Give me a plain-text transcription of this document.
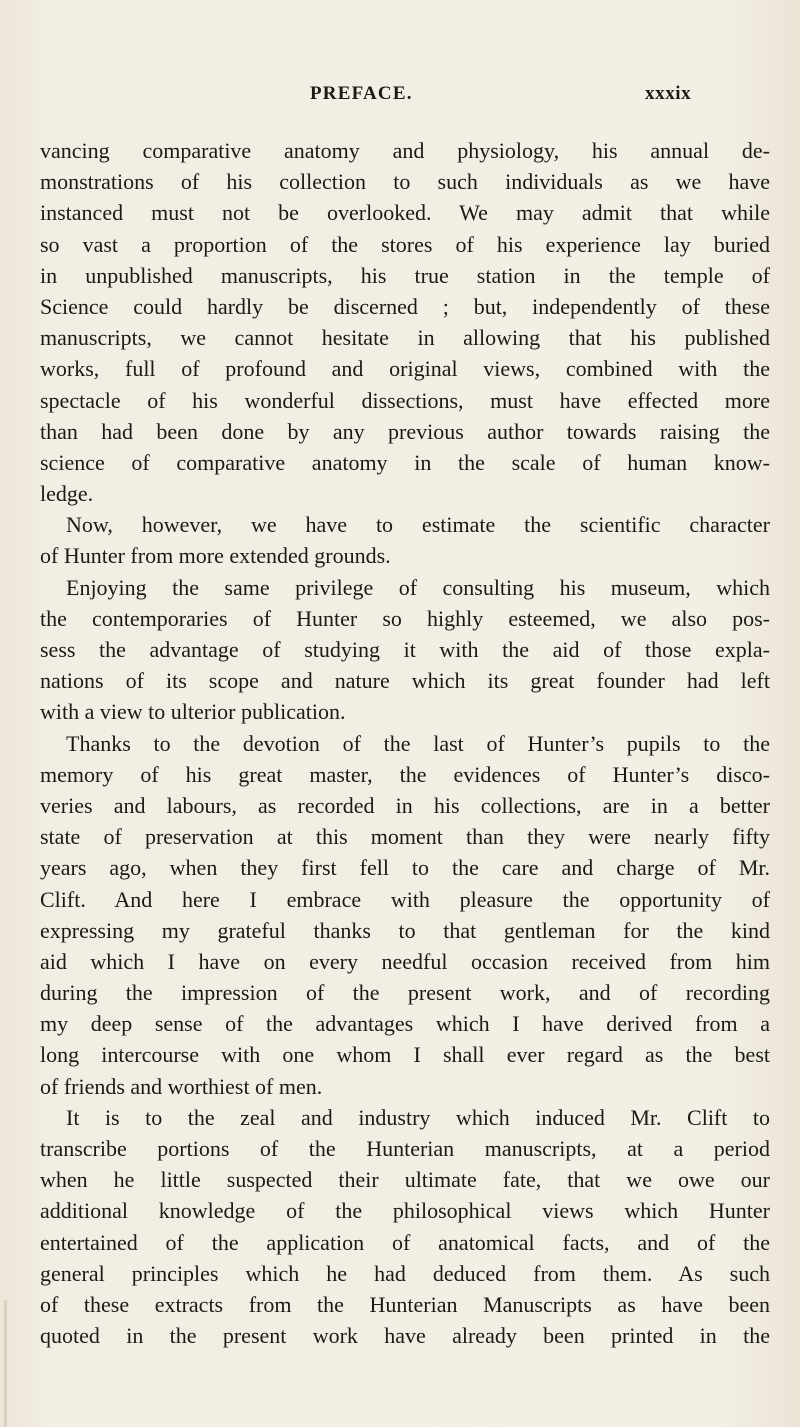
PREFACE.	xxxix
vancing comparative anatomy and physiology, his annual de-
monstrations of his collection to such individuals as we have
instanced must not be overlooked. We may admit that while
so vast a proportion of the stores of his experience lay buried
in unpublished manuscripts, his true station in the temple of
Science could hardly be discerned ; but, independently of these
manuscripts, we cannot hesitate in allowing that his published
works, full of profound and original views, combined with the
spectacle of his wonderful dissections, must have effected more
than had been done by any previous author towards raising the
science of comparative anatomy in the scale of human know-
ledge.
Now, however, we have to estimate the scientific character
of Hunter from more extended grounds.
Enjoying the same privilege of consulting his museum, which
the contemporaries of Hunter so highly esteemed, we also pos-
sess the advantage of studying it with the aid of those expla-
nations of its scope and nature which its great founder had left
with a view to ulterior publication.
Thanks to the devotion of the last of Hunter’s pupils to the
memory of his great master, the evidences of Hunter’s disco-
veries and labours, as recorded in his collections, are in a better
state of preservation at this moment than they were nearly fifty
years ago, when they first fell to the care and charge of Mr.
Clift. And here I embrace with pleasure the opportunity of
expressing my grateful thanks to that gentleman for the kind
aid which I have on every needful occasion received from him
during the impression of the present work, and of recording
my deep sense of the advantages which I have derived from a
long intercourse with one whom I shall ever regard as the best
of friends and worthiest of men.
It is to the zeal and industry which induced Mr. Clift to
transcribe portions of the Hunterian manuscripts, at a period
when he little suspected their ultimate fate, that we owe our
additional knowledge of the philosophical views which Hunter
entertained of the application of anatomical facts, and of the
general principles which he had deduced from them. As such
of these extracts from the Hunterian Manuscripts as have been
quoted in the present work have already been printed in the
